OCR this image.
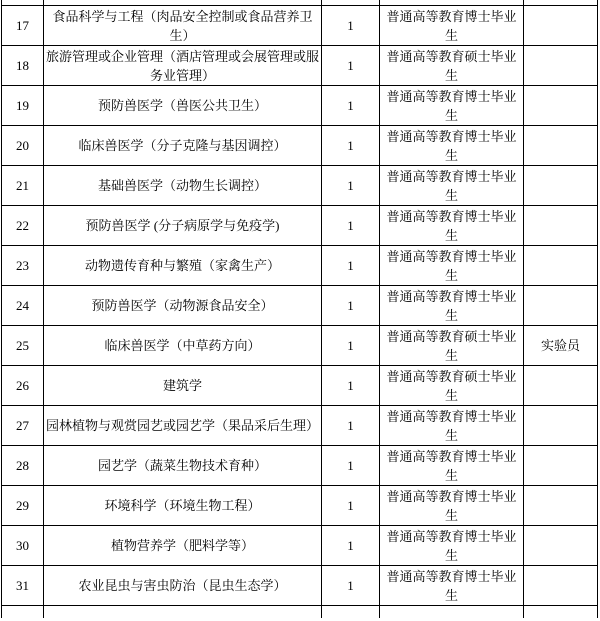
17	食品科学与工程（肉品安全控制或食品营养卫生）	1	普通高等教育博士毕业生	
18	旅游管理或企业管理（酒店管理或会展管理或服务业管理）	1	普通高等教育硕士毕业生	
19	预防兽医学（兽医公共卫生）	1	普通高等教育博士毕业生	
20	临床兽医学（分子克隆与基因调控）	1	普通高等教育博士毕业生	
21	基础兽医学（动物生长调控）	1	普通高等教育博士毕业生	
22	预防兽医学 (分子病原学与免疫学)	1	普通高等教育博士毕业生	
23	动物遗传育种与繁殖（家禽生产）	1	普通高等教育博士毕业生	
24	预防兽医学（动物源食品安全）	1	普通高等教育博士毕业生	
25	临床兽医学（中草药方向）	1	普通高等教育硕士毕业生	实验员
26	建筑学	1	普通高等教育硕士毕业生	
27	园林植物与观赏园艺或园艺学（果品采后生理）	1	普通高等教育博士毕业生	
28	园艺学（蔬菜生物技术育种）	1	普通高等教育博士毕业生	
29	环境科学（环境生物工程）	1	普通高等教育博士毕业生	
30	植物营养学（肥料学等）	1	普通高等教育博士毕业生	
31	农业昆虫与害虫防治（昆虫生态学）	1	普通高等教育博士毕业生	
